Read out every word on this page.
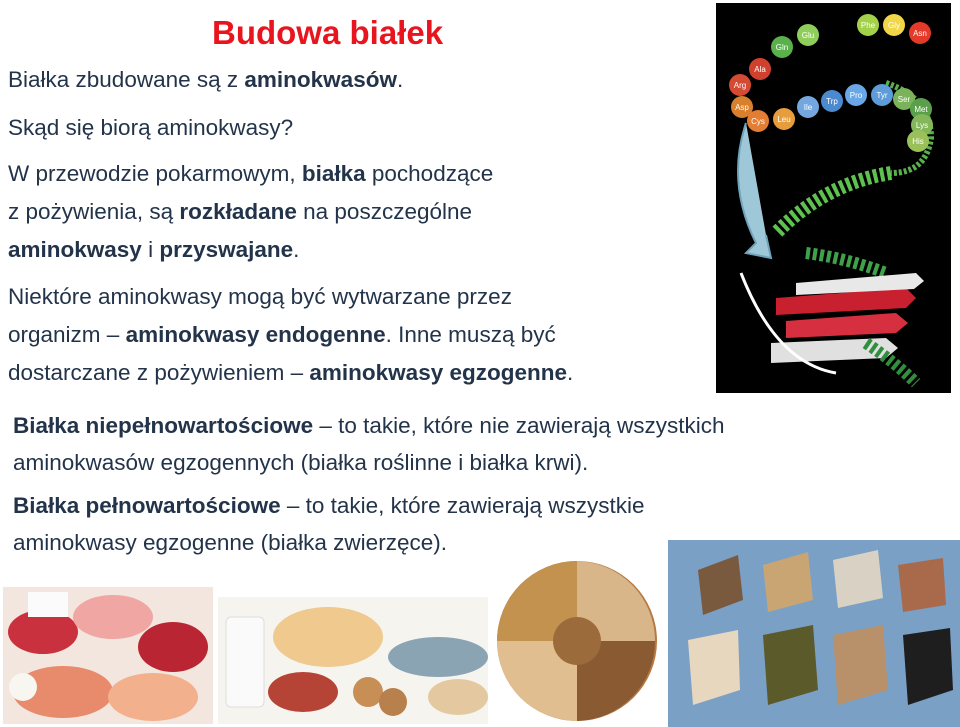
Budowa białek

Białka zbudowane są z aminokwasów.

Skąd się biorą aminokwasy?

W przewodzie pokarmowym, białka pochodzące

z pożywienia, są rozkładane na poszczególne

aminokwasy i przyswajane.

Niektóre aminokwasy mogą być wytwarzane przez

organizm – aminokwasy endogenne. Inne muszą być

dostarczane z pożywieniem – aminokwasy egzogenne.

Białka niepełnowartościowe – to takie, które nie zawierają wszystkich

aminokwasów egzogennych (białka roślinne i białka krwi).

Białka pełnowartościowe – to takie, które zawierają wszystkie

aminokwasy egzogenne (białka zwierzęce).

Phe Gly
Glu	Asn
Gln
Ala
Arg
Asp
Cys Leu
Ile
Trp
Pro Tyr Ser
Met
Lys
His
